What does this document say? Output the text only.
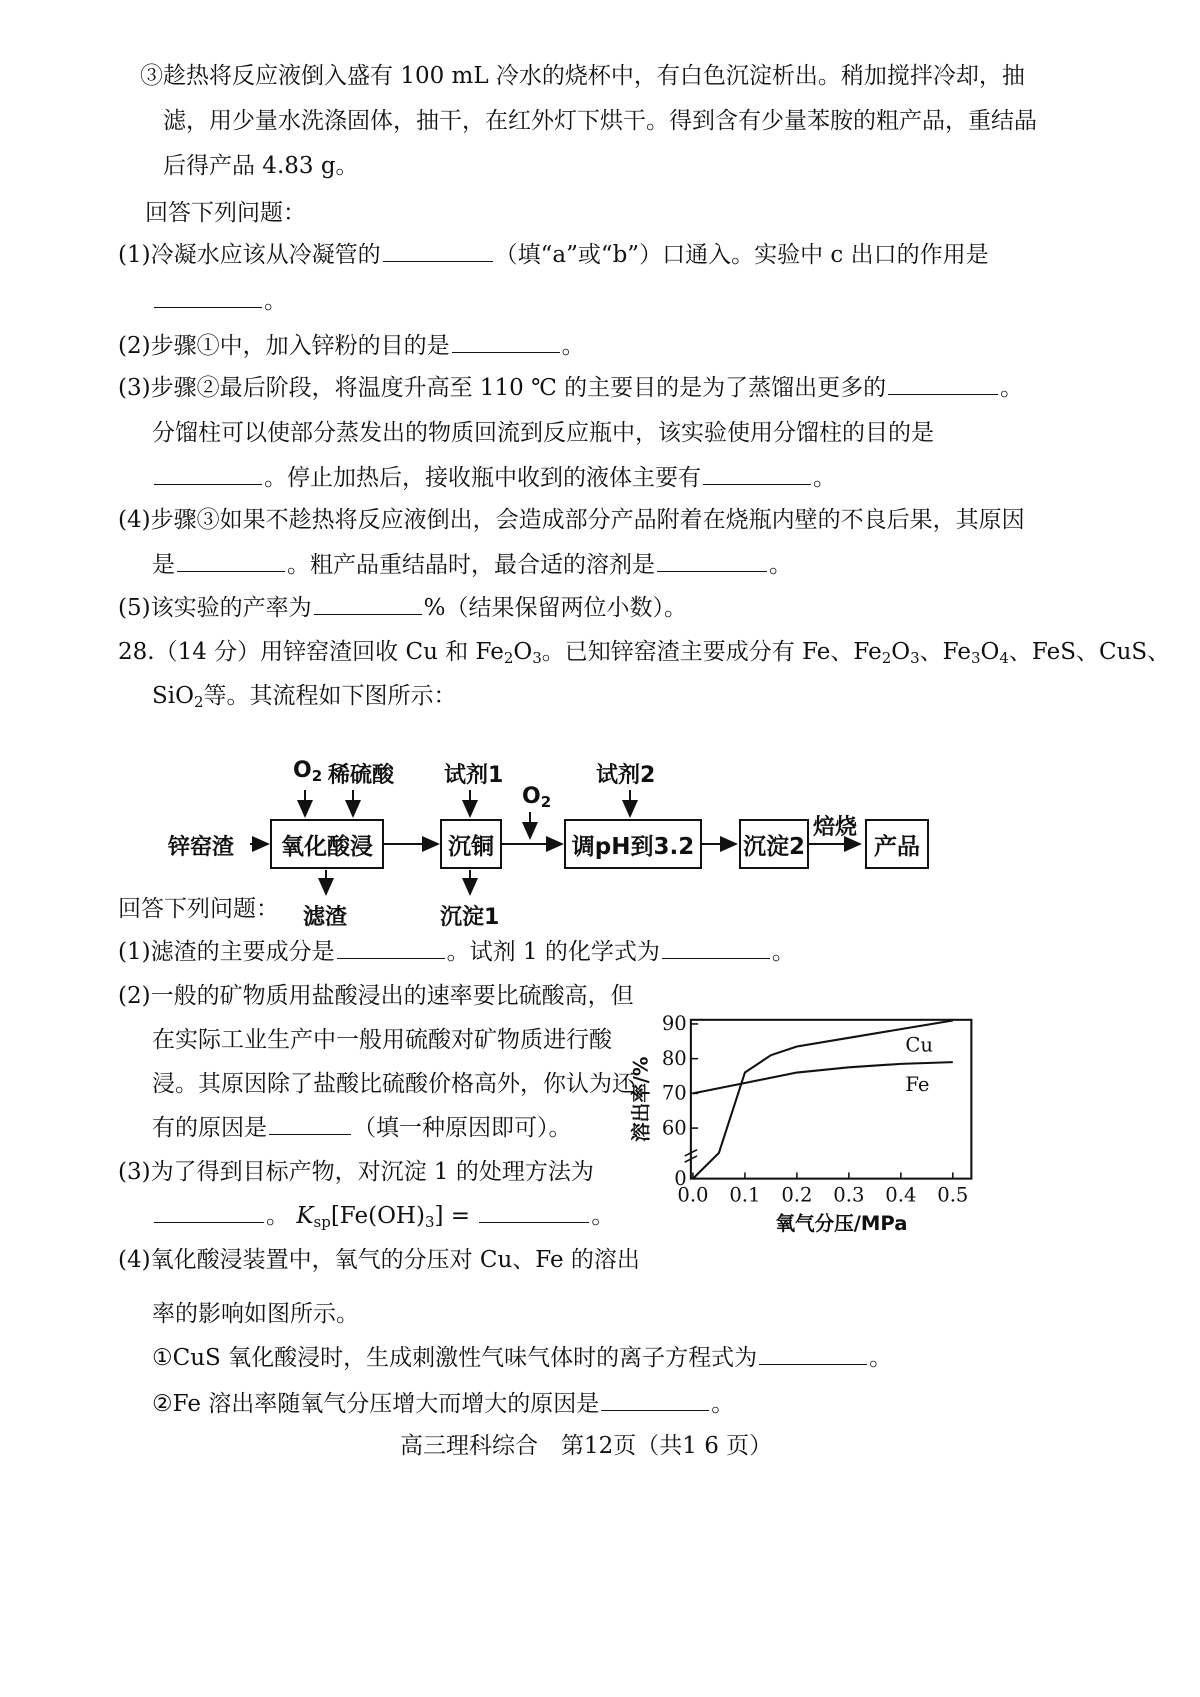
③趁热将反应液倒入盛有 100 mL 冷水的烧杯中，有白色沉淀析出。稍加搅拌冷却，抽
滤，用少量水洗涤固体，抽干，在红外灯下烘干。得到含有少量苯胺的粗产品，重结晶
后得产品 4.83 g。
回答下列问题：
(1)冷凝水应该从冷凝管的	（填“a”或“b”）口通入。实验中 c 出口的作用是
。
(2)步骤①中，加入锌粉的目的是	。
(3)步骤②最后阶段，将温度升高至 110 ℃ 的主要目的是为了蒸馏出更多的	。
分馏柱可以使部分蒸发出的物质回流到反应瓶中，该实验使用分馏柱的目的是
。停止加热后，接收瓶中收到的液体主要有	。
(4)步骤③如果不趁热将反应液倒出，会造成部分产品附着在烧瓶内壁的不良后果，其原因
是	。粗产品重结晶时，最合适的溶剂是	。
(5)该实验的产率为	%（结果保留两位小数）。
28.（14 分）用锌窑渣回收 Cu 和 $Fe_2O_3$。已知锌窑渣主要成分有 Fe、$Fe_2O_3$、$Fe_3O_4$、FeS、CuS、
SiO$_2$等。其流程如下图所示：
氧化酸浸	沉铜	调pH到3.2	沉淀2	产品
锌窑渣
$O_2$ 稀硫酸 试剂1
$O_2$
试剂2
滤渣	沉淀1
焙烧
回答下列问题：
(1)滤渣的主要成分是	。试剂 1 的化学式为	。
(2)一般的矿物质用盐酸浸出的速率要比硫酸高，但
在实际工业生产中一般用硫酸对矿物质进行酸
浸。其原因除了盐酸比硫酸价格高外，你认为还
有的原因是	（填一种原因即可）。
(3)为了得到目标产物，对沉淀 1 的处理方法为
。 $K_{sp}[Fe(OH)_3]$ =	。
(4)氧化酸浸装置中，氧气的分压对 Cu、Fe 的溶出
率的影响如图所示。
①CuS 氧化酸浸时，生成刺激性气味气体时的离子方程式为	。
②Fe 溶出率随氧气分压增大而增大的原因是	。
高三理科综合　第12页（共1 6 页）
0
60
70
80
90
0.0 0.1 0.2 0.3 0.4 0.5
Cu
Fe
氧气分压/MPa
溶出率/%
